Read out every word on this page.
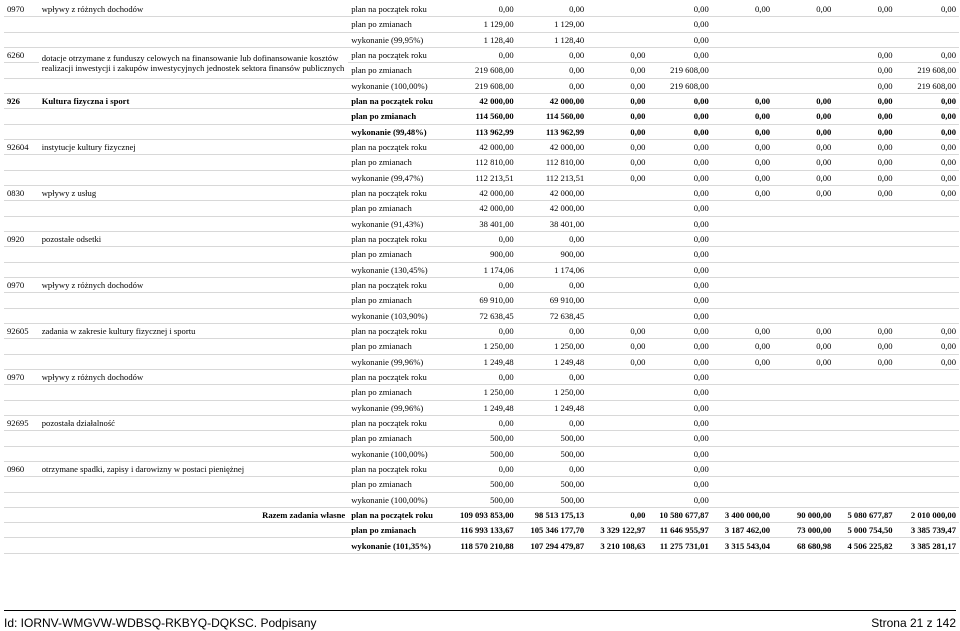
0970	wpływy z różnych dochodów	plan na początek roku	0,00	0,00		0,00	0,00	0,00	0,00	0,00
		plan po zmianach	1 129,00	1 129,00		0,00				
		wykonanie (99,95%)	1 128,40	1 128,40		0,00				
6260	dotacje otrzymane z funduszy celowych na finansowanie lub dofinansowanie kosztów realizacji inwestycji i zakupów inwestycyjnych jednostek sektora finansów publicznych	plan na początek roku	0,00	0,00	0,00	0,00			0,00	0,00
		plan po zmianach	219 608,00	0,00	0,00	219 608,00			0,00	219 608,00
		wykonanie (100,00%)	219 608,00	0,00	0,00	219 608,00			0,00	219 608,00
926	Kultura fizyczna i sport	plan na początek roku	42 000,00	42 000,00	0,00	0,00	0,00	0,00	0,00	0,00
		plan po zmianach	114 560,00	114 560,00	0,00	0,00	0,00	0,00	0,00	0,00
		wykonanie (99,48%)	113 962,99	113 962,99	0,00	0,00	0,00	0,00	0,00	0,00
92604	instytucje kultury fizycznej	plan na początek roku	42 000,00	42 000,00	0,00	0,00	0,00	0,00	0,00	0,00
		plan po zmianach	112 810,00	112 810,00	0,00	0,00	0,00	0,00	0,00	0,00
		wykonanie (99,47%)	112 213,51	112 213,51	0,00	0,00	0,00	0,00	0,00	0,00
0830	wpływy z usług	plan na początek roku	42 000,00	42 000,00		0,00	0,00	0,00	0,00	0,00
		plan po zmianach	42 000,00	42 000,00		0,00				
		wykonanie (91,43%)	38 401,00	38 401,00		0,00				
0920	pozostałe odsetki	plan na początek roku	0,00	0,00		0,00				
		plan po zmianach	900,00	900,00		0,00				
		wykonanie (130,45%)	1 174,06	1 174,06		0,00				
0970	wpływy z różnych dochodów	plan na początek roku	0,00	0,00		0,00				
		plan po zmianach	69 910,00	69 910,00		0,00				
		wykonanie (103,90%)	72 638,45	72 638,45		0,00				
92605	zadania w zakresie kultury fizycznej i sportu	plan na początek roku	0,00	0,00	0,00	0,00	0,00	0,00	0,00	0,00
		plan po zmianach	1 250,00	1 250,00	0,00	0,00	0,00	0,00	0,00	0,00
		wykonanie (99,96%)	1 249,48	1 249,48	0,00	0,00	0,00	0,00	0,00	0,00
0970	wpływy z różnych dochodów	plan na początek roku	0,00	0,00		0,00				
		plan po zmianach	1 250,00	1 250,00		0,00				
		wykonanie (99,96%)	1 249,48	1 249,48		0,00				
92695	pozostała działalność	plan na początek roku	0,00	0,00		0,00				
		plan po zmianach	500,00	500,00		0,00				
		wykonanie (100,00%)	500,00	500,00		0,00				
0960	otrzymane spadki, zapisy i darowizny w postaci pieniężnej	plan na początek roku	0,00	0,00		0,00				
		plan po zmianach	500,00	500,00		0,00				
		wykonanie (100,00%)	500,00	500,00		0,00				
	Razem zadania własne	plan na początek roku	109 093 853,00	98 513 175,13	0,00	10 580 677,87	3 400 000,00	90 000,00	5 080 677,87	2 010 000,00
		plan po zmianach	116 993 133,67	105 346 177,70	3 329 122,97	11 646 955,97	3 187 462,00	73 000,00	5 000 754,50	3 385 739,47
		wykonanie (101,35%)	118 570 210,88	107 294 479,87	3 210 108,63	11 275 731,01	3 315 543,04	68 680,98	4 506 225,82	3 385 281,17
Id: IORNV-WMGVW-WDBSQ-RKBYQ-DQKSC. Podpisany	Strona 21 z 142
